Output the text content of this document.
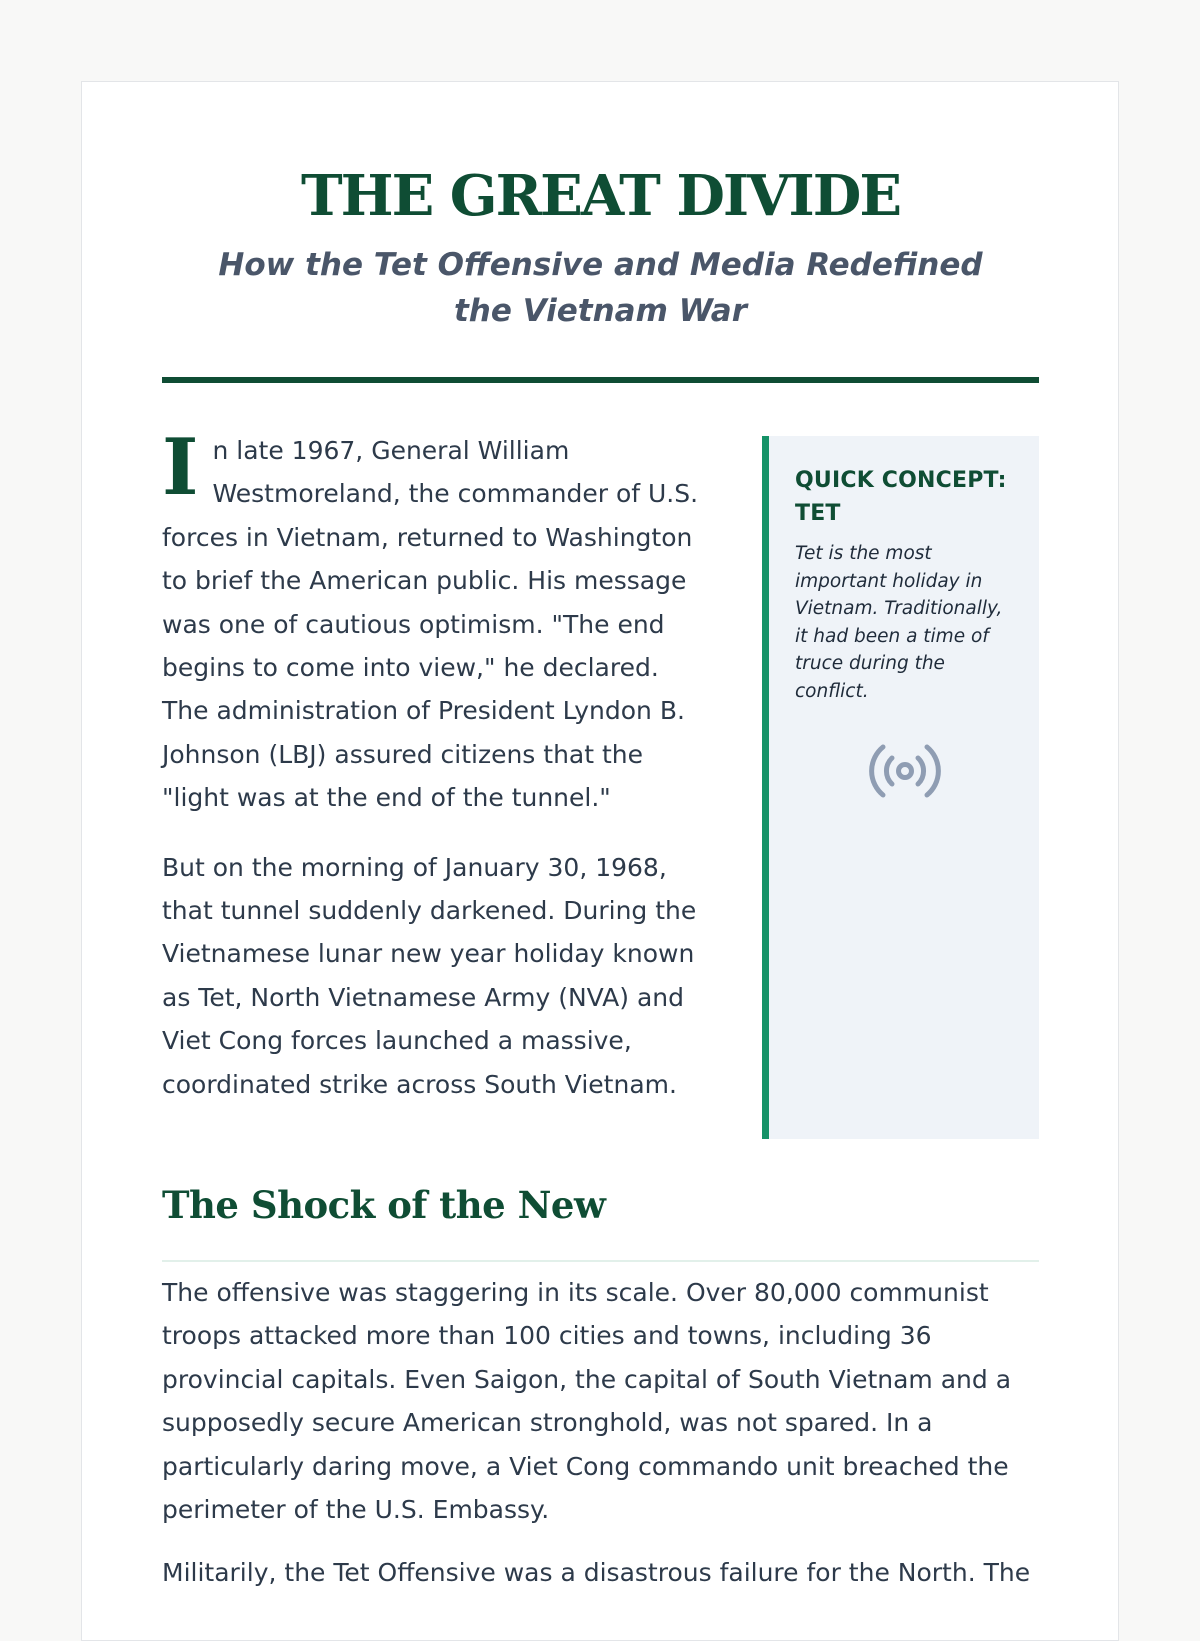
THE GREAT DIVIDE
How the Tet Offensive and Media Redefined the Vietnam War

In late 1967, General William Westmoreland, the commander of U.S. forces in Vietnam, returned to Washington to brief the American public. His message was one of cautious optimism. "The end begins to come into view," he declared. The administration of President Lyndon B. Johnson (LBJ) assured citizens that the "light was at the end of the tunnel."

But on the morning of January 30, 1968, that tunnel suddenly darkened. During the Vietnamese lunar new year holiday known as Tet, North Vietnamese Army (NVA) and Viet Cong forces launched a massive, coordinated strike across South Vietnam.

QUICK CONCEPT: TET

Tet is the most important holiday in Vietnam. Traditionally, it had been a time of truce during the conflict.

The Shock of the New

The offensive was staggering in its scale. Over 80,000 communist troops attacked more than 100 cities and towns, including 36 provincial capitals. Even Saigon, the capital of South Vietnam and a supposedly secure American stronghold, was not spared. In a particularly daring move, a Viet Cong commando unit breached the perimeter of the U.S. Embassy.

Militarily, the Tet Offensive was a disastrous failure for the North. The
